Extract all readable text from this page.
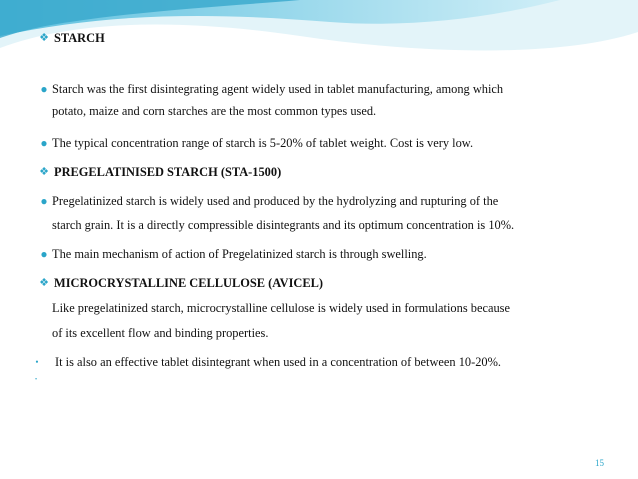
❖ STARCH
● Starch was the first disintegrating agent widely used in tablet manufacturing, among which
potato, maize and corn starches are the most common types used.
● The typical concentration range of starch is 5-20% of tablet weight. Cost is very low.
❖ PREGELATINISED STARCH (STA-1500)
● Pregelatinized starch is widely used and produced by the hydrolyzing and rupturing of the
starch grain. It is a directly compressible disintegrants and its optimum concentration is 10%.
● The main mechanism of action of Pregelatinized starch is through swelling.
❖ MICROCRYSTALLINE CELLULOSE (AVICEL)
Like pregelatinized starch, microcrystalline cellulose is widely used in formulations because
of its excellent flow and binding properties.
•	It is also an effective tablet disintegrant when used in a concentration of between 10-20%.
•
15
